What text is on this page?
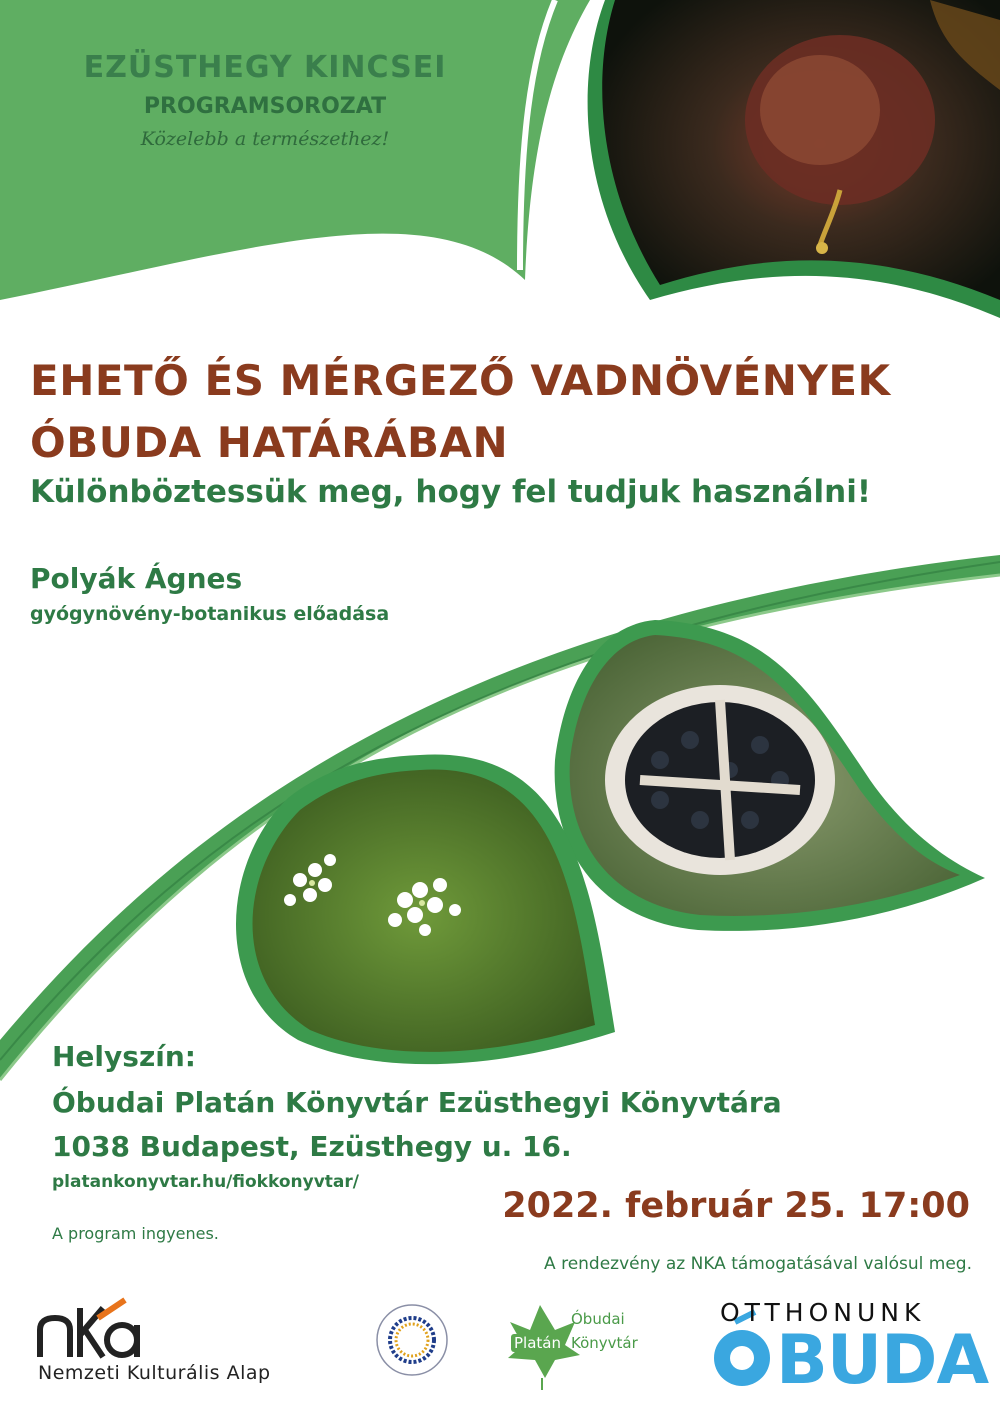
BUDA
EZÜSTHEGY KINCSEI
PROGRAMSOROZAT
Közelebb a természethez!
EHETŐ ÉS MÉRGEZŐ VADNÖVÉNYEK
ÓBUDA HATÁRÁBAN
Különböztessük meg, hogy fel tudjuk használni!
Polyák Ágnes
gyógynövény-botanikus előadása
Helyszín:
Óbudai Platán Könyvtár Ezüsthegyi Könyvtára
1038 Budapest, Ezüsthegy u. 16.
platankonyvtar.hu/fiokkonyvtar/
A program ingyenes.
2022. február 25. 17:00
A rendezvény az NKA támogatásával valósul meg.
Nemzeti Kulturális Alap
Óbudai
Platán Könyvtár
OTTHONUNK
